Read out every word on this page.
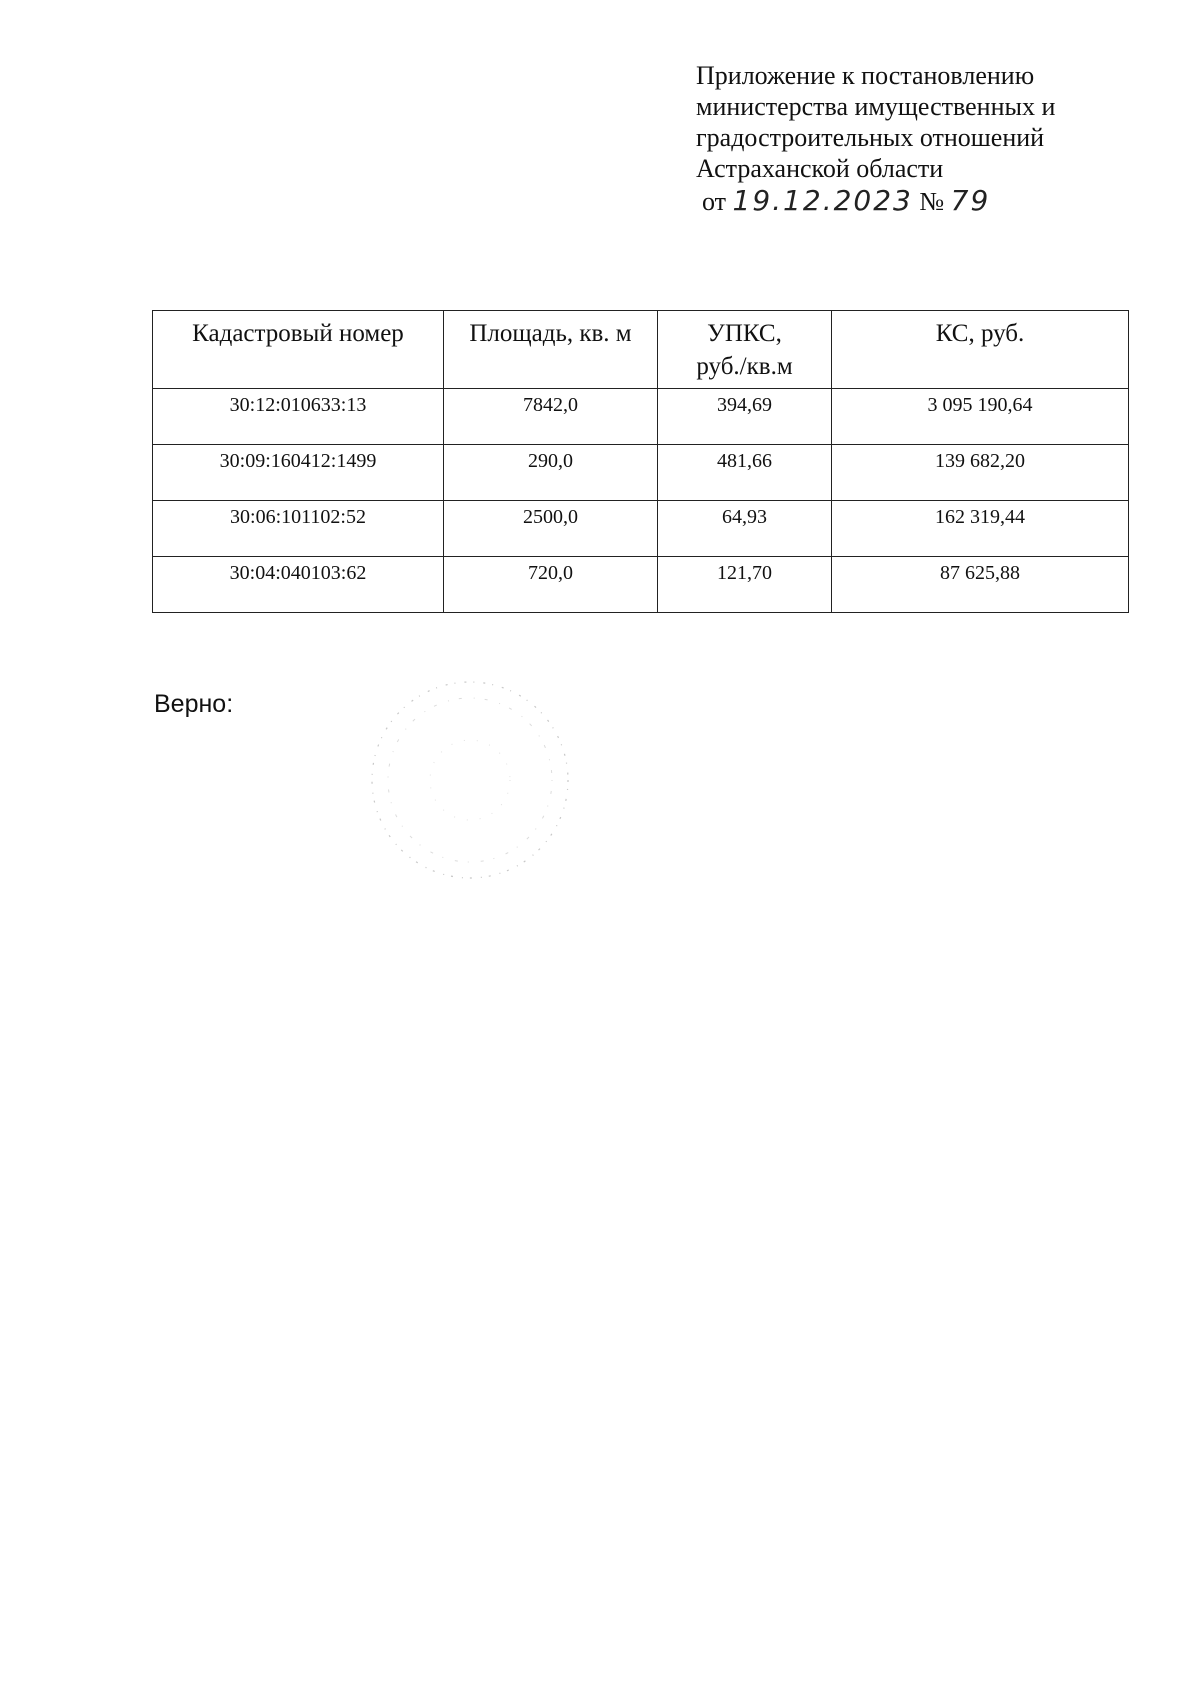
Приложение к постановлению
министерства имущественных и
градостроительных отношений
Астраханской области
от 19.12.2023 № 79
Кадастровый номер	Площадь, кв. м	УПКС, руб./кв.м	КС, руб.
30:12:010633:13	7842,0	394,69	3 095 190,64
30:09:160412:1499	290,0	481,66	139 682,20
30:06:101102:52	2500,0	64,93	162 319,44
30:04:040103:62	720,0	121,70	87 625,88
Верно:
